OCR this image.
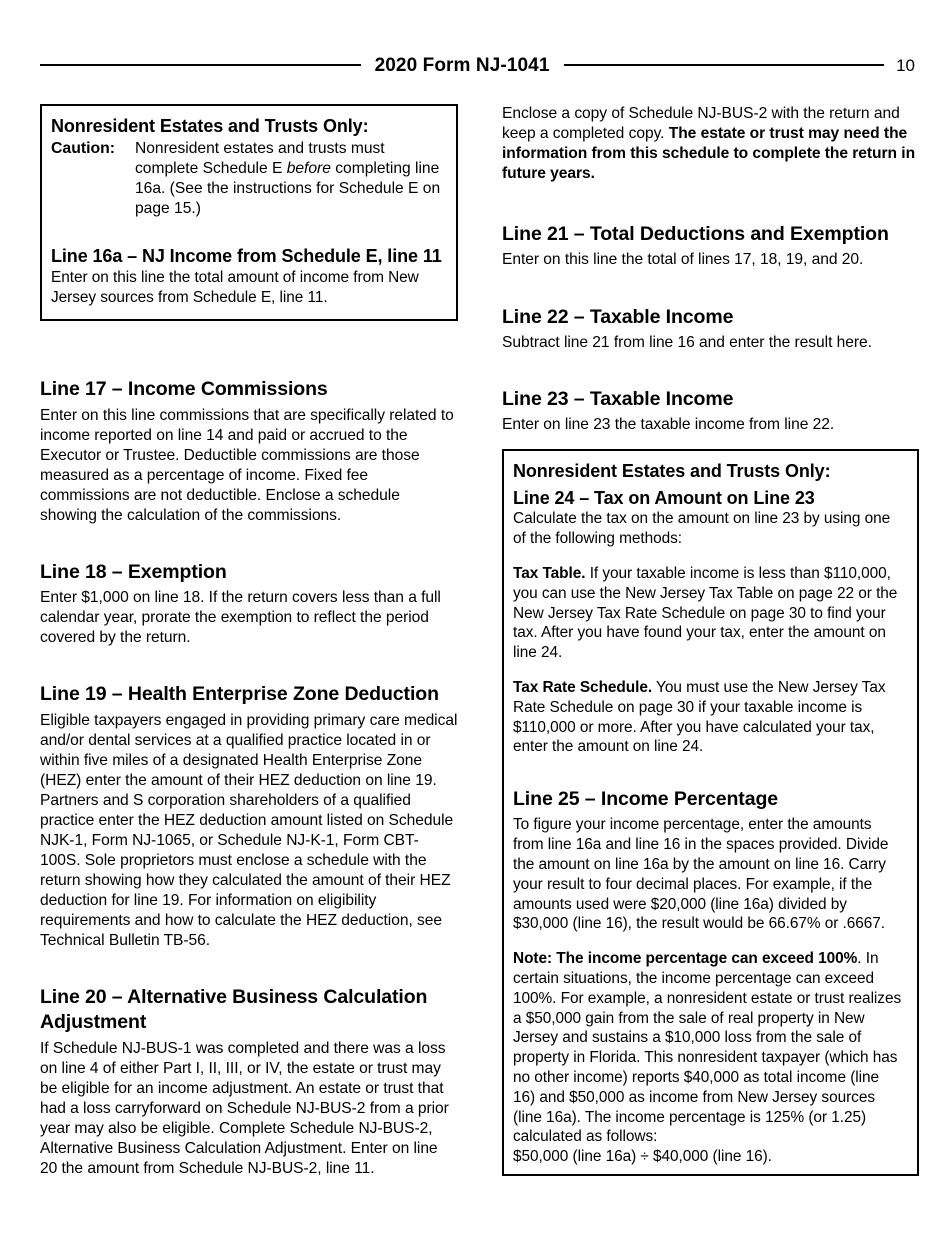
2020 Form NJ-1041	10
Nonresident Estates and Trusts Only:
Caution:	Nonresident estates and trusts must complete Schedule E before completing line 16a. (See the instructions for Schedule E on page 15.)
Line 16a – NJ Income from Schedule E, line 11

Enter on this line the total amount of income from New Jersey sources from Schedule E, line 11.

Line 17 – Income Commissions

Enter on this line commissions that are specifically related to income reported on line 14 and paid or accrued to the Executor or Trustee. Deductible commissions are those measured as a percentage of income. Fixed fee commissions are not deductible. Enclose a schedule showing the calculation of the commissions.

Line 18 – Exemption

Enter $1,000 on line 18. If the return covers less than a full calendar year, prorate the exemption to reflect the period covered by the return.

Line 19 – Health Enterprise Zone Deduction

Eligible taxpayers engaged in providing primary care medical and/or dental services at a qualified practice located in or within five miles of a designated Health Enterprise Zone (HEZ) enter the amount of their HEZ deduction on line 19. Partners and S corporation shareholders of a qualified practice enter the HEZ deduction amount listed on Schedule NJK-1, Form NJ-1065, or Schedule NJ-K-1, Form CBT-100S. Sole proprietors must enclose a schedule with the return showing how they calculated the amount of their HEZ deduction for line 19. For information on eligibility requirements and how to calculate the HEZ deduction, see Technical Bulletin TB-56.

Line 20 – Alternative Business Calculation Adjustment

If Schedule NJ-BUS-1 was completed and there was a loss on line 4 of either Part I, II, III, or IV, the estate or trust may be eligible for an income adjustment. An estate or trust that had a loss carryforward on Schedule NJ-BUS-2 from a prior year may also be eligible. Complete Schedule NJ-BUS-2, Alternative Business Calculation Adjustment. Enter on line 20 the amount from Schedule NJ-BUS-2, line 11.

Enclose a copy of Schedule NJ-BUS-2 with the return and keep a completed copy. The estate or trust may need the information from this schedule to complete the return in future years.

Line 21 – Total Deductions and Exemption

Enter on this line the total of lines 17, 18, 19, and 20.

Line 22 – Taxable Income

Subtract line 21 from line 16 and enter the result here.

Line 23 – Taxable Income

Enter on line 23 the taxable income from line 22.

Nonresident Estates and Trusts Only:
Line 24 – Tax on Amount on Line 23

Calculate the tax on the amount on line 23 by using one of the following methods:

Tax Table. If your taxable income is less than $110,000, you can use the New Jersey Tax Table on page 22 or the New Jersey Tax Rate Schedule on page 30 to find your tax. After you have found your tax, enter the amount on line 24.

Tax Rate Schedule. You must use the New Jersey Tax Rate Schedule on page 30 if your taxable income is $110,000 or more. After you have calculated your tax, enter the amount on line 24.

Line 25 – Income Percentage

To figure your income percentage, enter the amounts from line 16a and line 16 in the spaces provided. Divide the amount on line 16a by the amount on line 16. Carry your result to four decimal places. For example, if the amounts used were $20,000 (line 16a) divided by $30,000 (line 16), the result would be 66.67% or .6667.

Note: The income percentage can exceed 100%. In certain situations, the income percentage can exceed 100%. For example, a nonresident estate or trust realizes a $50,000 gain from the sale of real property in New Jersey and sustains a $10,000 loss from the sale of property in Florida. This nonresident taxpayer (which has no other income) reports $40,000 as total income (line 16) and $50,000 as income from New Jersey sources (line 16a). The income percentage is 125% (or 1.25) calculated as follows:

$50,000 (line 16a) ÷ $40,000 (line 16).
